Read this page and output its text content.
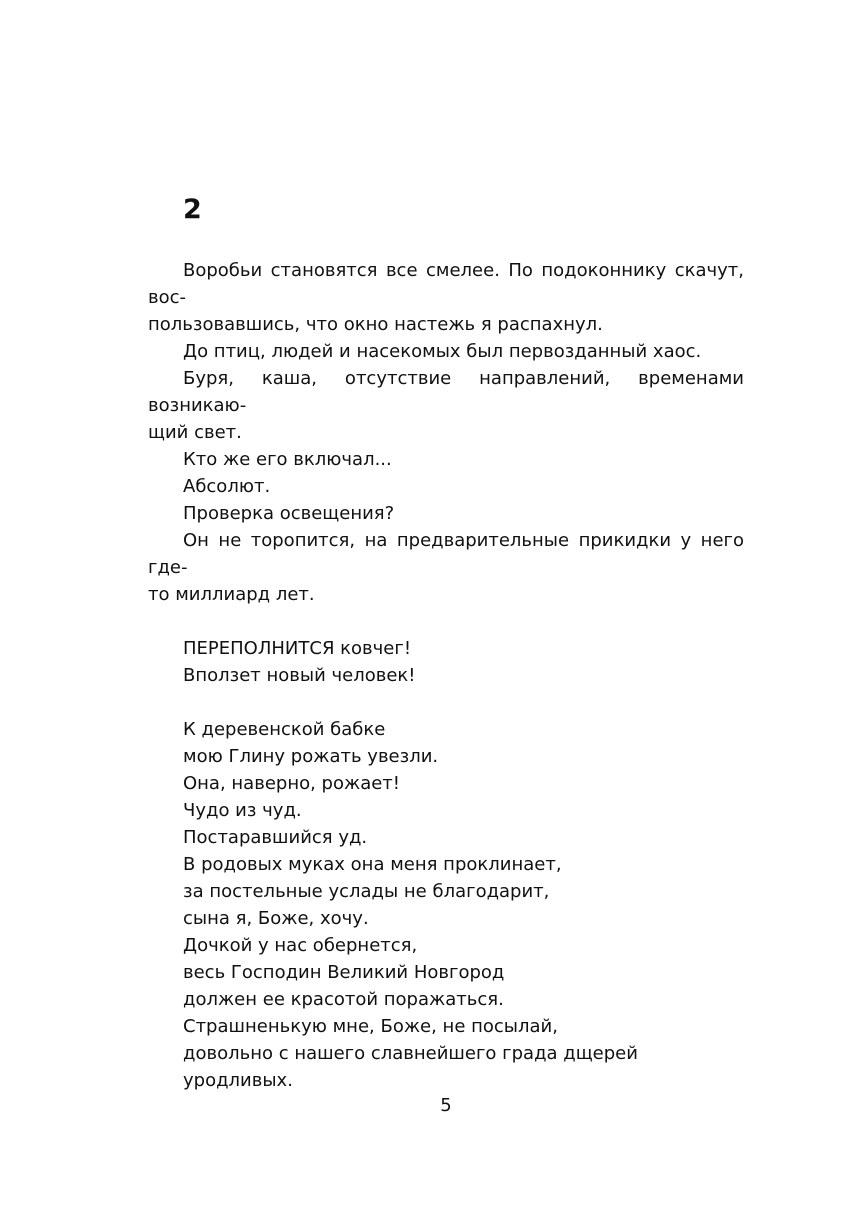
2

Воробьи становятся все смелее. По подоконнику скачут, вос-
пользовавшись, что окно настежь я распахнул.

До птиц, людей и насекомых был первозданный хаос.

Буря, каша, отсутствие направлений, временами возникаю-
щий свет.

Кто же его включал...

Абсолют.

Проверка освещения?

Он не торопится, на предварительные прикидки у него где-
то миллиард лет.

ПЕРЕПОЛНИТСЯ ковчег!

Вползет новый человек!

К деревенской бабке

мою Глину рожать увезли.

Она, наверно, рожает!

Чудо из чуд.

Постаравшийся уд.

В родовых муках она меня проклинает,

за постельные услады не благодарит,

сына я, Боже, хочу.

Дочкой у нас обернется,

весь Господин Великий Новгород

должен ее красотой поражаться.

Страшненькую мне, Боже, не посылай,

довольно с нашего славнейшего града дщерей

уродливых.

5
